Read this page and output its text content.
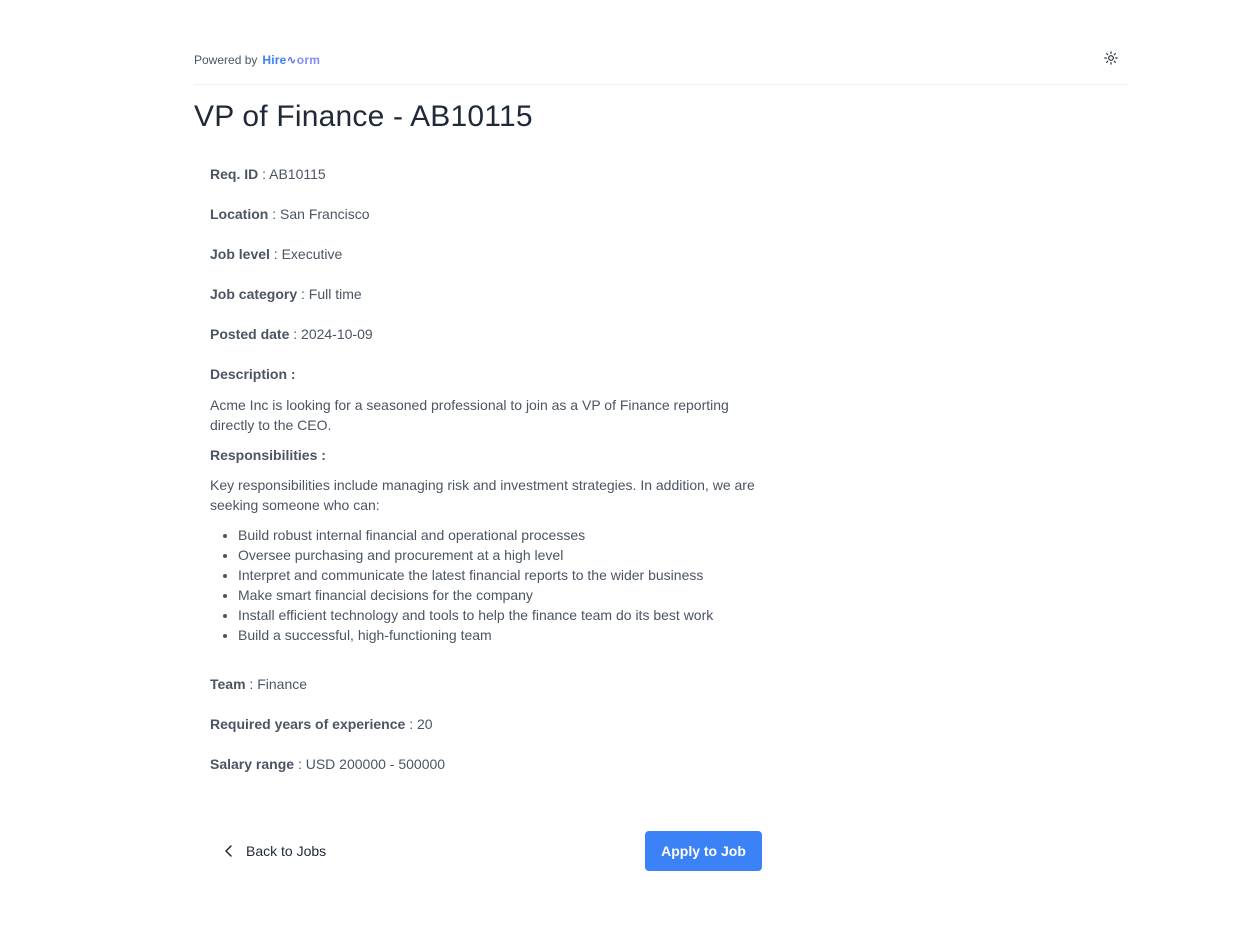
Powered by Hire ∿ orm
VP of Finance - AB10115
Req. ID : AB10115
Location : San Francisco
Job level : Executive
Job category : Full time
Posted date : 2024-10-09
Description :

Acme Inc is looking for a seasoned professional to join as a VP of Finance reporting directly to the CEO.

Responsibilities :

Key responsibilities include managing risk and investment strategies. In addition, we are seeking someone who can:

• Build robust internal financial and operational processes
• Oversee purchasing and procurement at a high level
• Interpret and communicate the latest financial reports to the wider business
• Make smart financial decisions for the company
• Install efficient technology and tools to help the finance team do its best work
• Build a successful, high-functioning team
Team : Finance
Required years of experience : 20
Salary range : USD 200000 - 500000
Back to Jobs	Apply to Job
